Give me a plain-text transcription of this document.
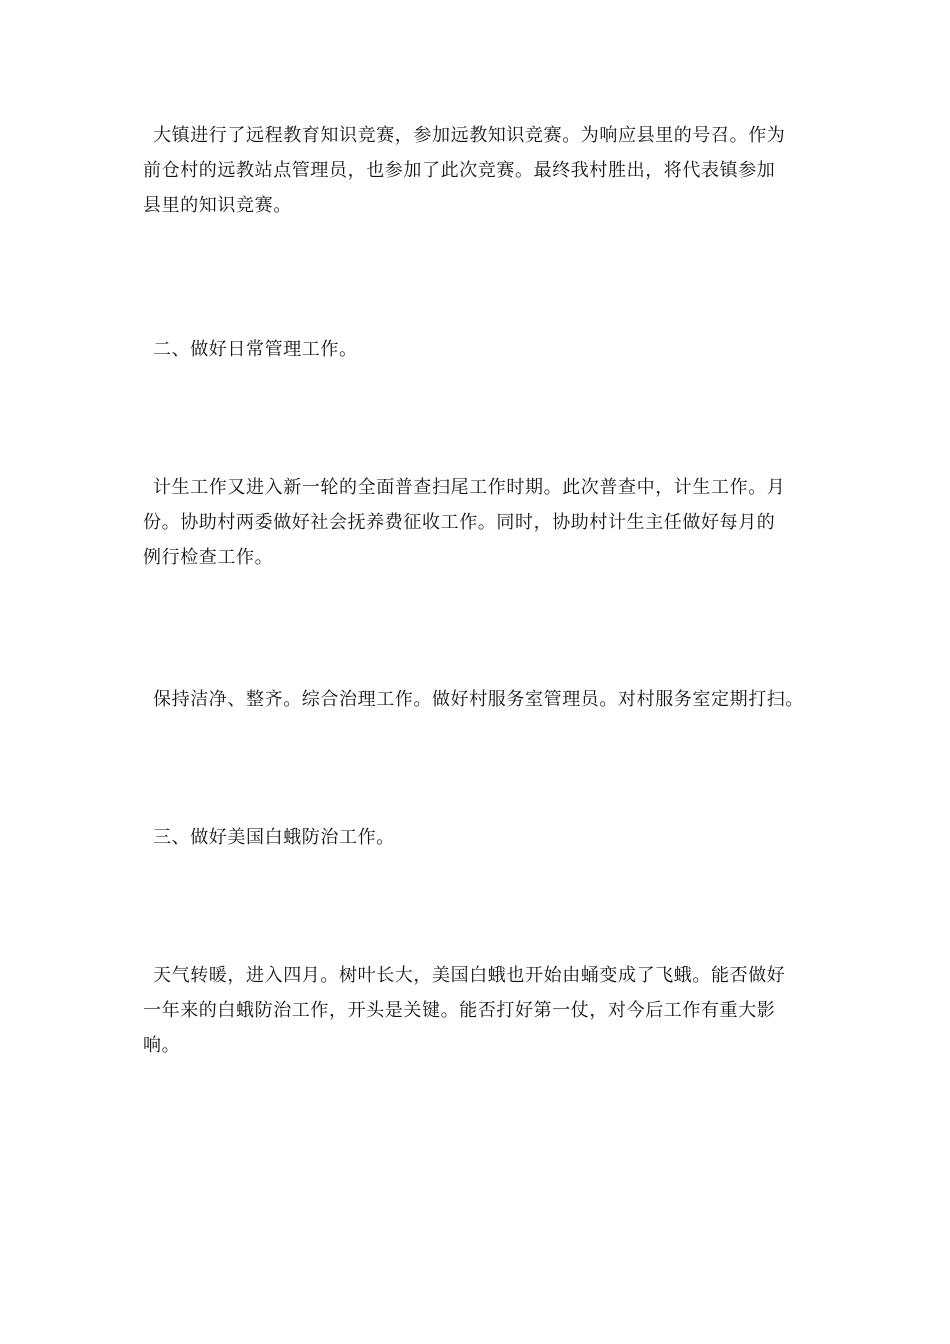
大镇进行了远程教育知识竞赛，参加远教知识竞赛。为响应县里的号召。作为
前仓村的远教站点管理员，也参加了此次竞赛。最终我村胜出，将代表镇参加
县里的知识竞赛。

二、做好日常管理工作。

计生工作又进入新一轮的全面普查扫尾工作时期。此次普查中，计生工作。月
份。协助村两委做好社会抚养费征收工作。同时，协助村计生主任做好每月的
例行检查工作。

保持洁净、整齐。综合治理工作。做好村服务室管理员。对村服务室定期打扫。

三、做好美国白蛾防治工作。

天气转暖，进入四月。树叶长大，美国白蛾也开始由蛹变成了飞蛾。能否做好
一年来的白蛾防治工作，开头是关键。能否打好第一仗，对今后工作有重大影
响。
